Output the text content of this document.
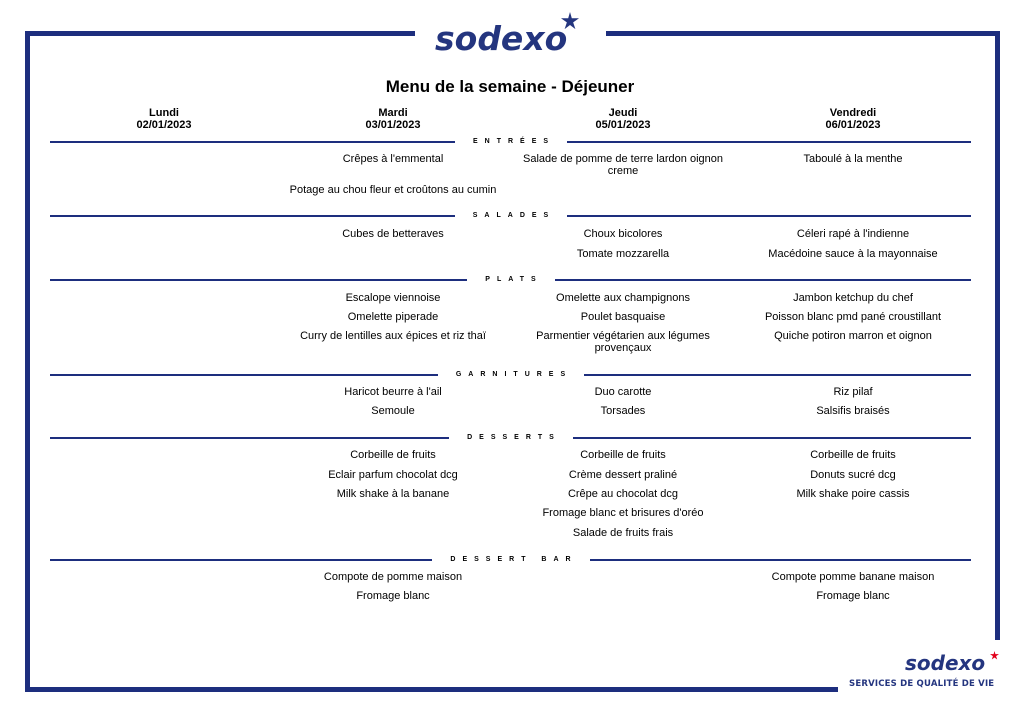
sodexo
Menu de la semaine - Déjeuner
Lundi
02/01/2023
Mardi
03/01/2023
Jeudi
05/01/2023
Vendredi
06/01/2023
ENTRÉES
Crêpes à l'emmental
Potage au chou fleur et croûtons au cumin
Salade de pomme de terre lardon oignon creme
Taboulé à la menthe
SALADES
Cubes de betteraves	Choux bicolores
Tomate mozzarella
Céleri rapé à l'indienne
Macédoine sauce à la mayonnaise
PLATS
Escalope viennoise
Omelette piperade
Curry de lentilles aux épices et riz thaï
Omelette aux champignons
Poulet basquaise
Parmentier végétarien aux légumes provençaux
Jambon ketchup du chef
Poisson blanc pmd pané croustillant
Quiche potiron marron et oignon
GARNITURES
Haricot beurre à l'ail
Semoule
Duo carotte
Torsades
Riz pilaf
Salsifis braisés
DESSERTS
Corbeille de fruits
Eclair parfum chocolat dcg
Milk shake à la banane
Corbeille de fruits
Crème dessert praliné
Crêpe au chocolat dcg
Fromage blanc et brisures d'oréo
Salade de fruits frais
Corbeille de fruits
Donuts sucré dcg
Milk shake poire cassis
DESSERT BAR
Compote de pomme maison
Fromage blanc
Compote pomme banane maison
Fromage blanc
sodexo
SERVICES DE QUALITÉ DE VIE
